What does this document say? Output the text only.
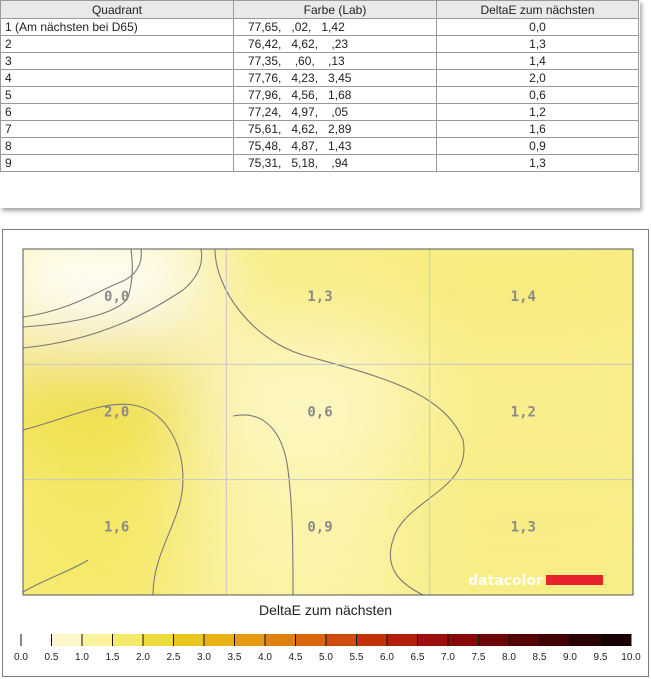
Quadrant	Farbe (Lab)	DeltaE zum nächsten
1 (Am nächsten bei D65)	77,65,   ,02,   1,42	0,0
2	76,42,   4,62,    ,23	1,3
3	77,35,    ,60,    ,13	1,4
4	77,76,   4,23,   3,45	2,0
5	77,96,   4,56,   1,68	0,6
6	77,24,   4,97,    ,05	1,2
7	75,61,   4,62,   2,89	1,6
8	75,48,   4,87,   1,43	0,9
9	75,31,   5,18,    ,94	1,3
0,0	1,3	1,4
2,0	0,6	1,2
1,6	0,9	1,3
datacolor
0.0 0.5 1.0 1.5 2.0 2.5 3.0 3.5 4.0 4.5 5.0 5.5 6.0 6.5 7.0 7.5 8.0 8.5 9.0 9.5 10.0
DeltaE zum nächsten
